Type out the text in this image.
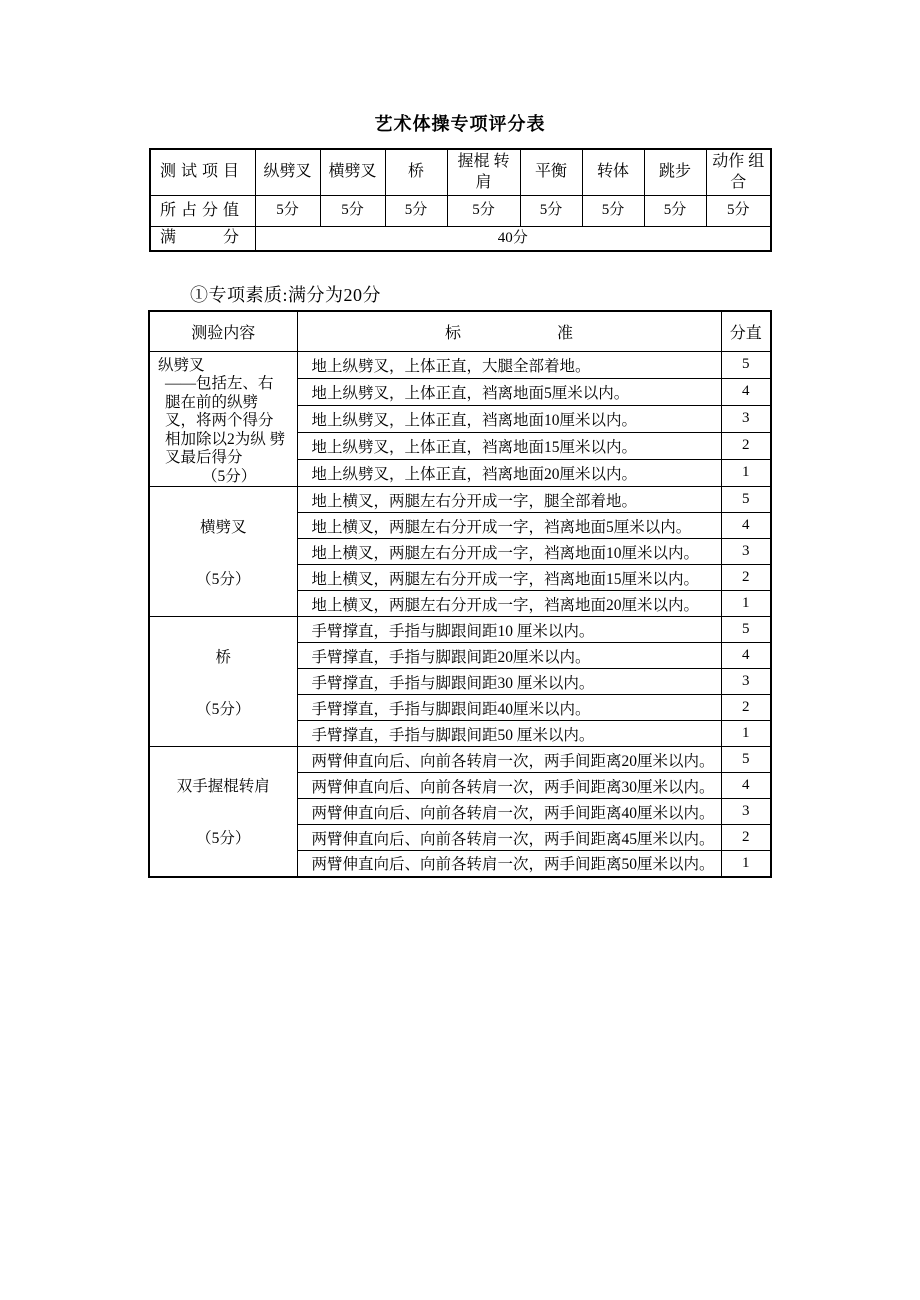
艺术体操专项评分表
测试项目	纵劈叉	横劈叉	桥	握棍 转肩	平衡	转体	跳步	动作 组合
所占分值	5分	5分	5分	5分	5分	5分	5分	5分
满　　分	40分							
①专项素质:满分为20分
测验内容	标　　　　　　准	分直

纵劈叉
——包括左、右
腿在前的纵劈
叉，将两个得分
相加除以2为纵 劈
叉最后得分
（5分）
	地上纵劈叉，上体正直，大腿全部着地。	5
	地上纵劈叉，上体正直，裆离地面5厘米以内。	4
	地上纵劈叉，上体正直，裆离地面10厘米以内。	3
	地上纵劈叉，上体正直，裆离地面15厘米以内。	2
	地上纵劈叉，上体正直，裆离地面20厘米以内。	1

横劈叉
（5分）	地上横叉，两腿左右分开成一字，腿全部着地。	5
	地上横叉，两腿左右分开成一字，裆离地面5厘米以内。	4
	地上横叉，两腿左右分开成一字，裆离地面10厘米以内。	3
	地上横叉，两腿左右分开成一字，裆离地面15厘米以内。	2
	地上横叉，两腿左右分开成一字，裆离地面20厘米以内。	1

桥
（5分）	手臂撑直，手指与脚跟间距10 厘米以内。	5
	手臂撑直，手指与脚跟间距20厘米以内。	4
	手臂撑直，手指与脚跟间距30 厘米以内。	3
	手臂撑直，手指与脚跟间距40厘米以内。	2
	手臂撑直，手指与脚跟间距50 厘米以内。	1

双手握棍转肩
（5分）	两臂伸直向后、向前各转肩一次，两手间距离20厘米以内。	5
	两臂伸直向后、向前各转肩一次，两手间距离30厘米以内。	4
	两臂伸直向后、向前各转肩一次，两手间距离40厘米以内。	3
	两臂伸直向后、向前各转肩一次，两手间距离45厘米以内。	2
	两臂伸直向后、向前各转肩一次，两手间距离50厘米以内。	1
